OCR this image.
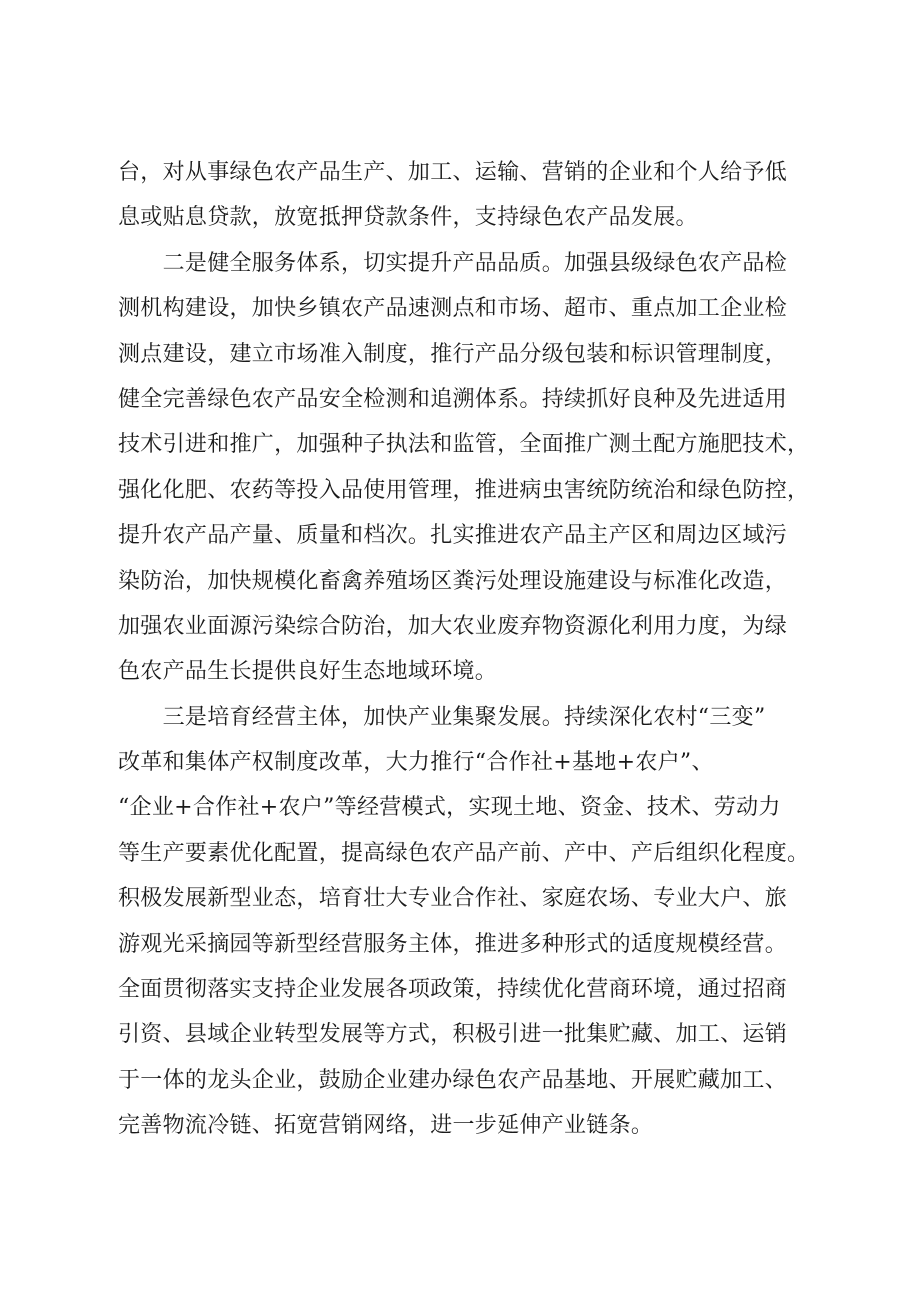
台，对从事绿色农产品生产、加工、运输、营销的企业和个人给予低
息或贴息贷款，放宽抵押贷款条件，支持绿色农产品发展。
　　二是健全服务体系，切实提升产品品质。加强县级绿色农产品检
测机构建设，加快乡镇农产品速测点和市场、超市、重点加工企业检
测点建设，建立市场准入制度，推行产品分级包装和标识管理制度，
健全完善绿色农产品安全检测和追溯体系。持续抓好良种及先进适用
技术引进和推广，加强种子执法和监管，全面推广测土配方施肥技术，
强化化肥、农药等投入品使用管理，推进病虫害统防统治和绿色防控，
提升农产品产量、质量和档次。扎实推进农产品主产区和周边区域污
染防治，加快规模化畜禽养殖场区粪污处理设施建设与标准化改造，
加强农业面源污染综合防治，加大农业废弃物资源化利用力度，为绿
色农产品生长提供良好生态地域环境。
　　三是培育经营主体，加快产业集聚发展。持续深化农村“三变”
改革和集体产权制度改革，大力推行“合作社+基地+农户”、
“企业+合作社+农户”等经营模式，实现土地、资金、技术、劳动力
等生产要素优化配置，提高绿色农产品产前、产中、产后组织化程度。
积极发展新型业态，培育壮大专业合作社、家庭农场、专业大户、旅
游观光采摘园等新型经营服务主体，推进多种形式的适度规模经营。
全面贯彻落实支持企业发展各项政策，持续优化营商环境，通过招商
引资、县域企业转型发展等方式，积极引进一批集贮藏、加工、运销
于一体的龙头企业，鼓励企业建办绿色农产品基地、开展贮藏加工、
完善物流冷链、拓宽营销网络，进一步延伸产业链条。
